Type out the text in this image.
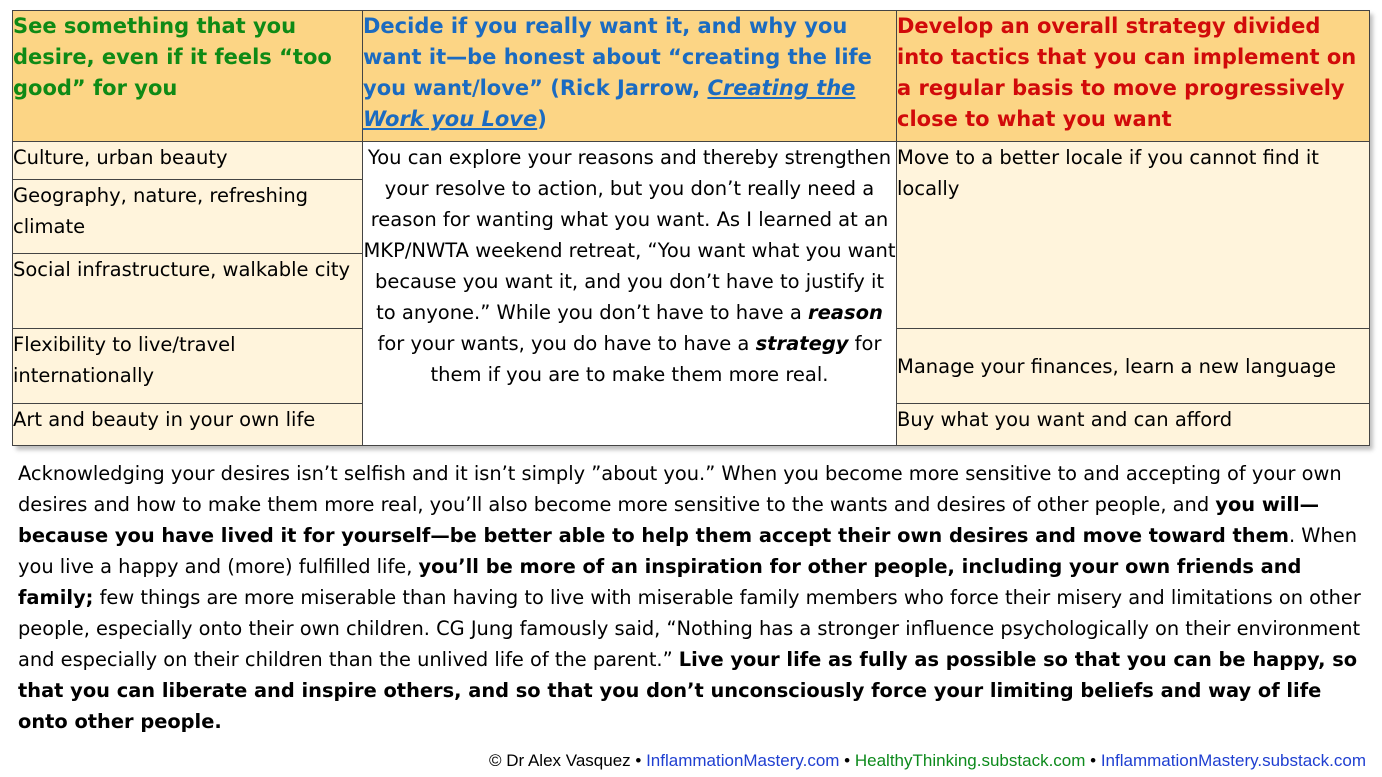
See something that you desire, even if it feels “too good” for you	Decide if you really want it, and why you want it—be honest about “creating the life you want/love” (Rick Jarrow, Creating the Work you Love)	Develop an overall strategy divided into tactics that you can implement on a regular basis to move progressively close to what you want
Culture, urban beauty	You can explore your reasons and thereby strengthen your resolve to action, but you don’t really need a reason for wanting what you want. As I learned at an MKP/NWTA weekend retreat, “You want what you want because you want it, and you don’t have to justify it to anyone.” While you don’t have to have a reason for your wants, you do have to have a strategy for them if you are to make them more real.	Move to a better locale if you cannot find it locally
Geography, nature, refreshing climate		
Social infrastructure, walkable city		
Flexibility to live/travel internationally		Manage your finances, learn a new language
Art and beauty in your own life		Buy what you want and can afford
Acknowledging your desires isn’t selfish and it isn’t simply ”about you.” When you become more sensitive to and accepting of your own desires and how to make them more real, you’ll also become more sensitive to the wants and desires of other people, and you will—because you have lived it for yourself—be better able to help them accept their own desires and move toward them. When you live a happy and (more) fulfilled life, you’ll be more of an inspiration for other people, including your own friends and family; few things are more miserable than having to live with miserable family members who force their misery and limitations on other people, especially onto their own children. CG Jung famously said, “Nothing has a stronger influence psychologically on their environment and especially on their children than the unlived life of the parent.” Live your life as fully as possible so that you can be happy, so that you can liberate and inspire others, and so that you don’t unconsciously force your limiting beliefs and way of life onto other people.
© Dr Alex Vasquez • InflammationMastery.com • HealthyThinking.substack.com • InflammationMastery.substack.com
